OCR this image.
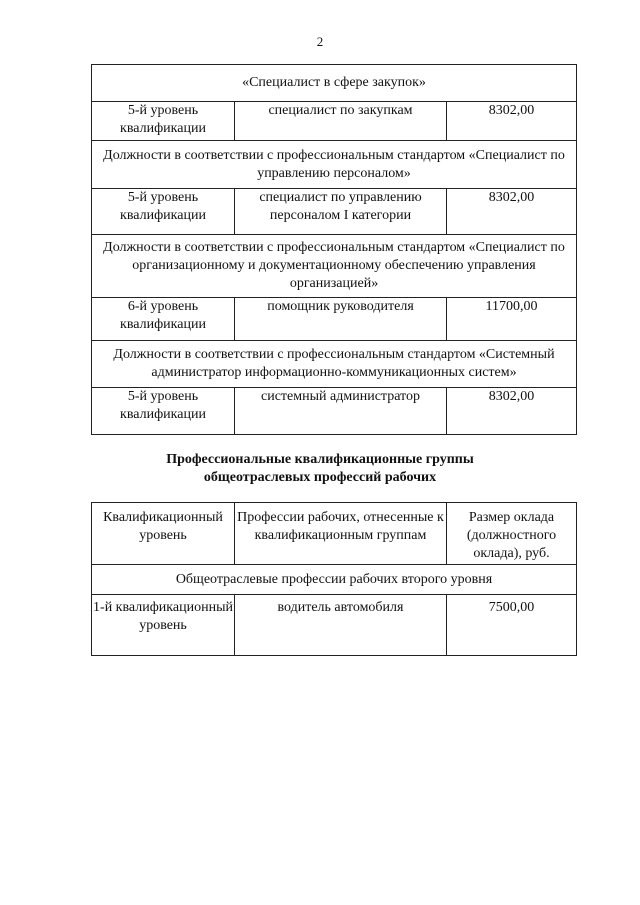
2
«Специалист в сфере закупок»		
5-й уровень квалификации	специалист по закупкам	8302,00
Должности в соответствии с профессиональным стандартом «Специалист по управлению персоналом»		
5-й уровень квалификации	специалист по управлению персоналом I категории	8302,00
Должности в соответствии с профессиональным стандартом «Специалист по организационному и документационному обеспечению управления организацией»		
6-й уровень квалификации	помощник руководителя	11700,00
Должности в соответствии с профессиональным стандартом «Системный администратор информационно-коммуникационных систем»		
5-й уровень квалификации	системный администратор	8302,00
Профессиональные квалификационные группы
общеотраслевых профессий рабочих
Квалификационный уровень	Профессии рабочих, отнесенные к квалификационным группам	Размер оклада (должностного оклада), руб.
Общеотраслевые профессии рабочих второго уровня		
1-й квалификационный уровень	водитель автомобиля	7500,00
